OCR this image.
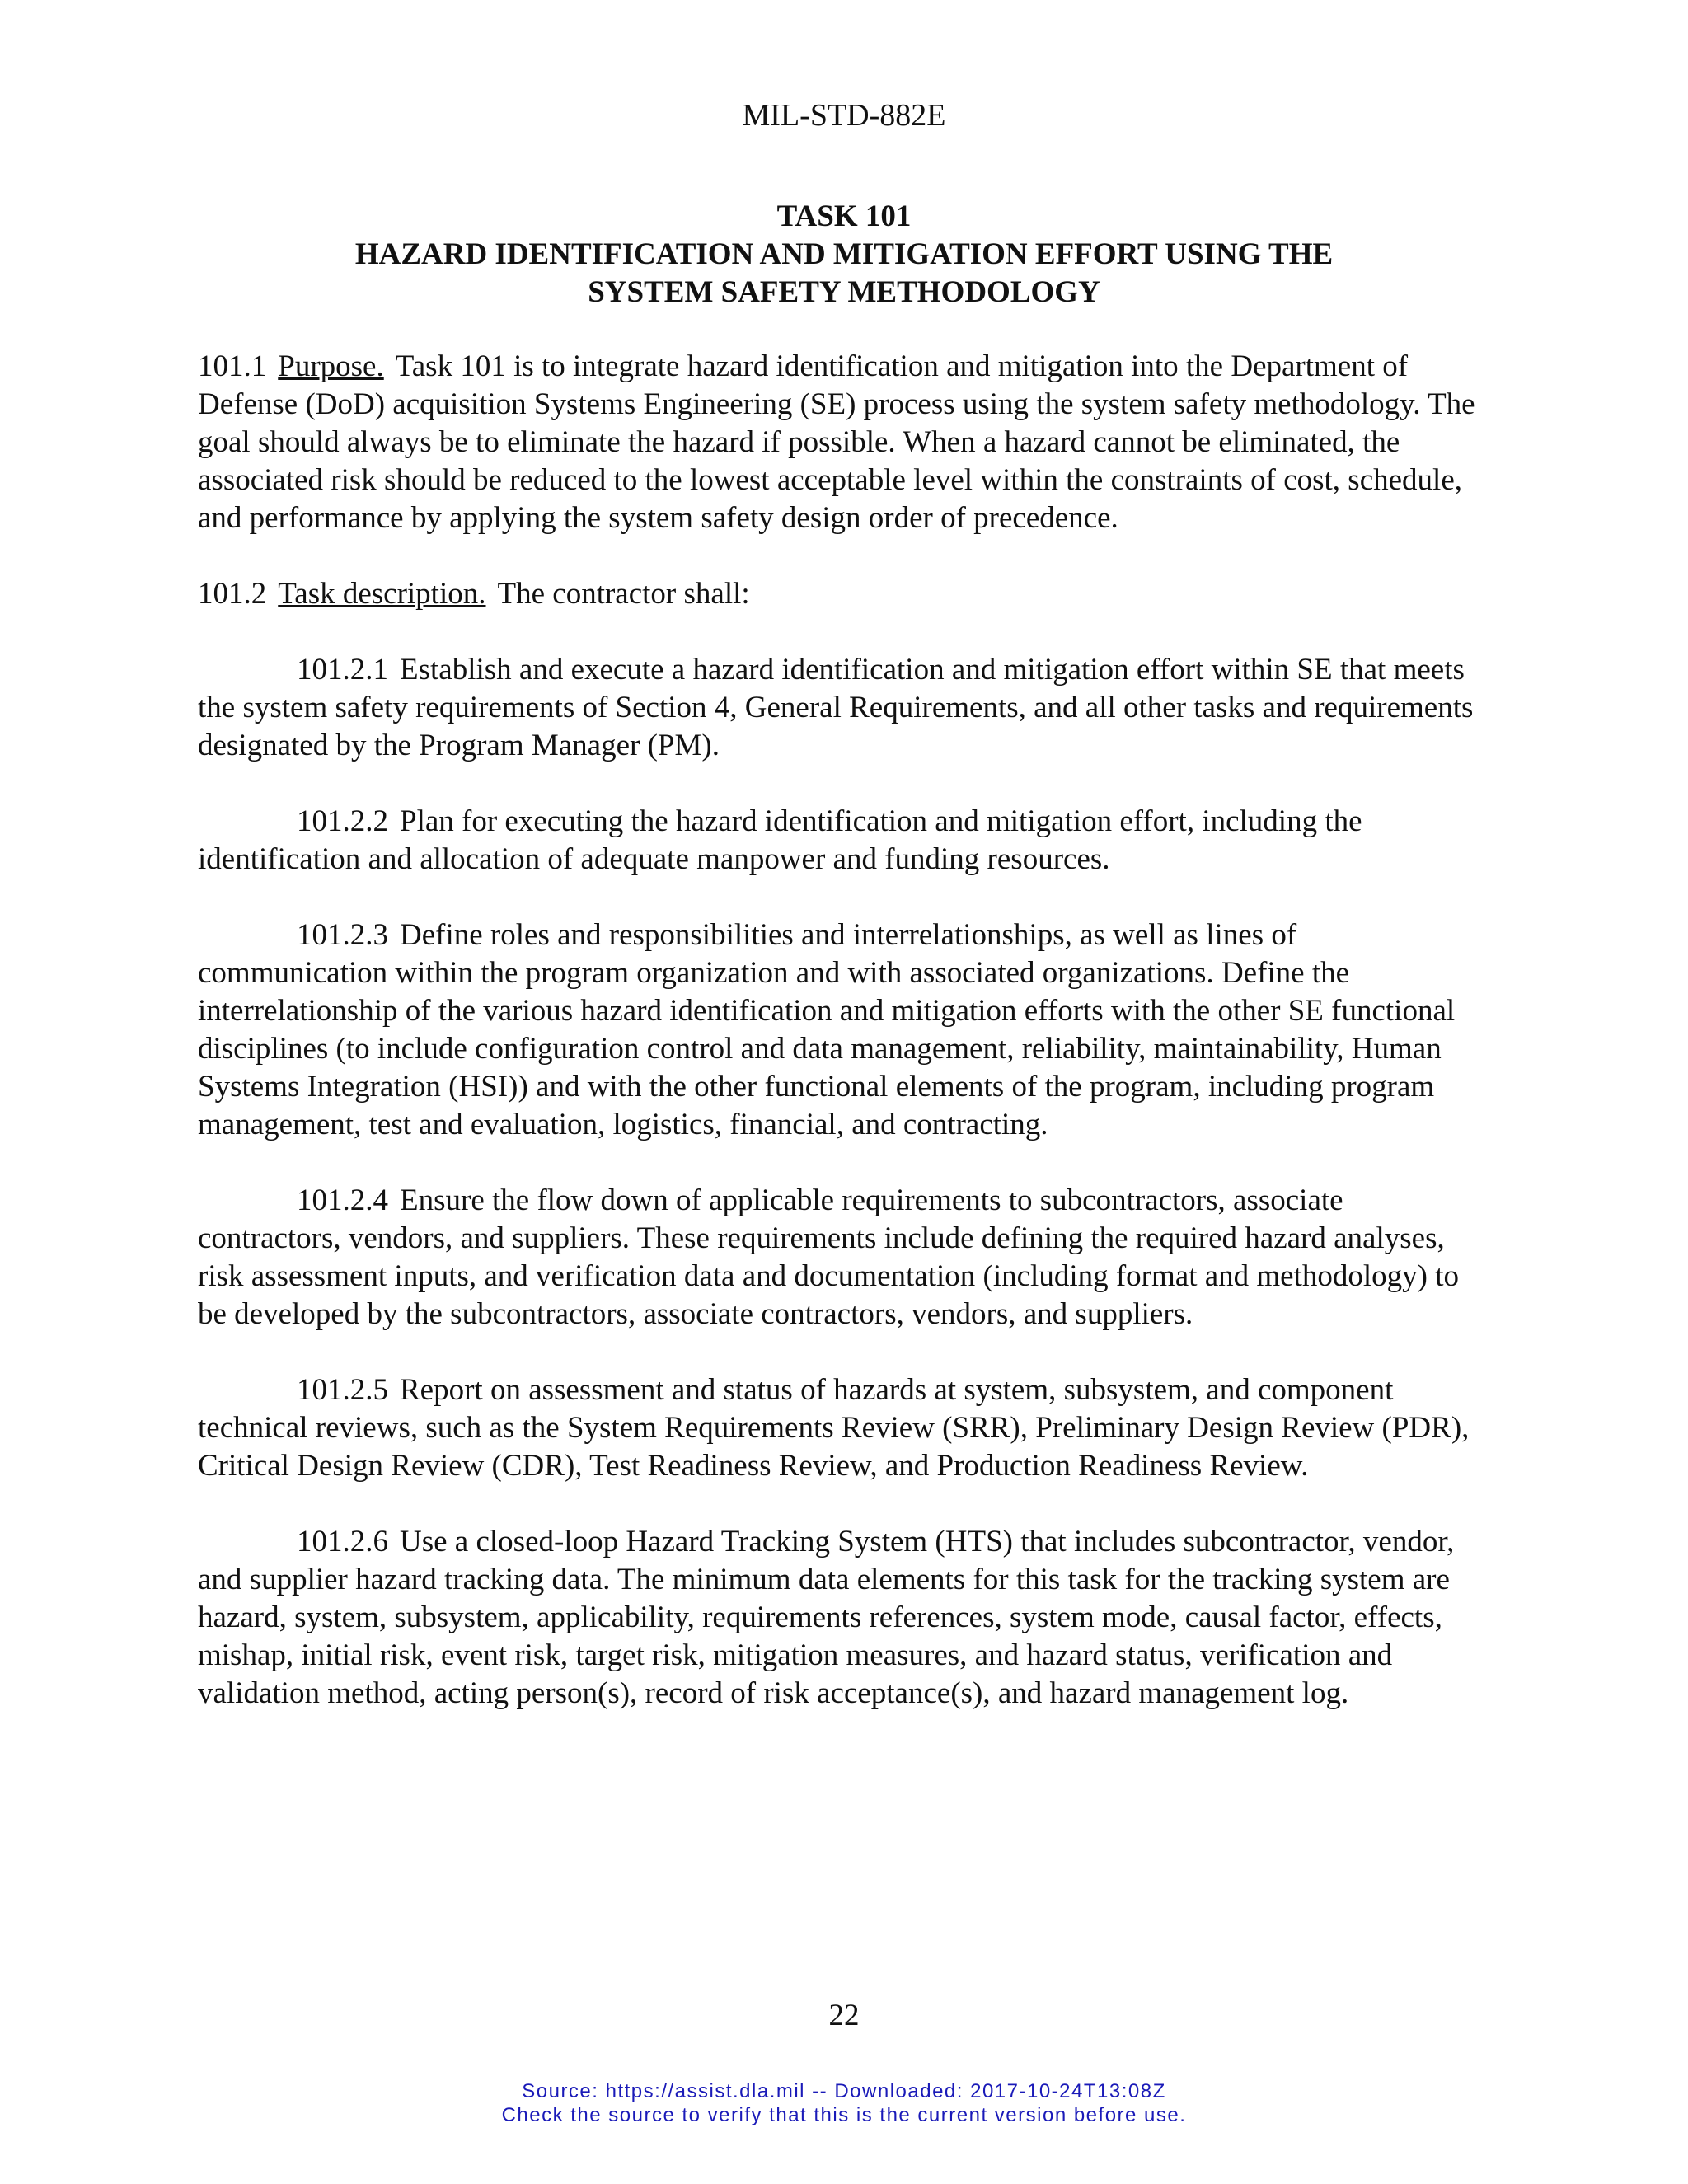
MIL-STD-882E
TASK 101
HAZARD IDENTIFICATION AND MITIGATION EFFORT USING THE
SYSTEM SAFETY METHODOLOGY

101.1 Purpose. Task 101 is to integrate hazard identification and mitigation into the Department of Defense (DoD) acquisition Systems Engineering (SE) process using the system safety methodology. The goal should always be to eliminate the hazard if possible. When a hazard cannot be eliminated, the associated risk should be reduced to the lowest acceptable level within the constraints of cost, schedule, and performance by applying the system safety design order of precedence.

101.2 Task description. The contractor shall:

101.2.1 Establish and execute a hazard identification and mitigation effort within SE that meets the system safety requirements of Section 4, General Requirements, and all other tasks and requirements designated by the Program Manager (PM).

101.2.2 Plan for executing the hazard identification and mitigation effort, including the identification and allocation of adequate manpower and funding resources.

101.2.3 Define roles and responsibilities and interrelationships, as well as lines of communication within the program organization and with associated organizations. Define the interrelationship of the various hazard identification and mitigation efforts with the other SE functional disciplines (to include configuration control and data management, reliability, maintainability, Human Systems Integration (HSI)) and with the other functional elements of the program, including program management, test and evaluation, logistics, financial, and contracting.

101.2.4 Ensure the flow down of applicable requirements to subcontractors, associate contractors, vendors, and suppliers. These requirements include defining the required hazard analyses, risk assessment inputs, and verification data and documentation (including format and methodology) to be developed by the subcontractors, associate contractors, vendors, and suppliers.

101.2.5 Report on assessment and status of hazards at system, subsystem, and component technical reviews, such as the System Requirements Review (SRR), Preliminary Design Review (PDR), Critical Design Review (CDR), Test Readiness Review, and Production Readiness Review.

101.2.6 Use a closed-loop Hazard Tracking System (HTS) that includes subcontractor, vendor, and supplier hazard tracking data. The minimum data elements for this task for the tracking system are hazard, system, subsystem, applicability, requirements references, system mode, causal factor, effects, mishap, initial risk, event risk, target risk, mitigation measures, and hazard status, verification and validation method, acting person(s), record of risk acceptance(s), and hazard management log.

22
Source: https://assist.dla.mil -- Downloaded: 2017-10-24T13:08Z
Check the source to verify that this is the current version before use.
